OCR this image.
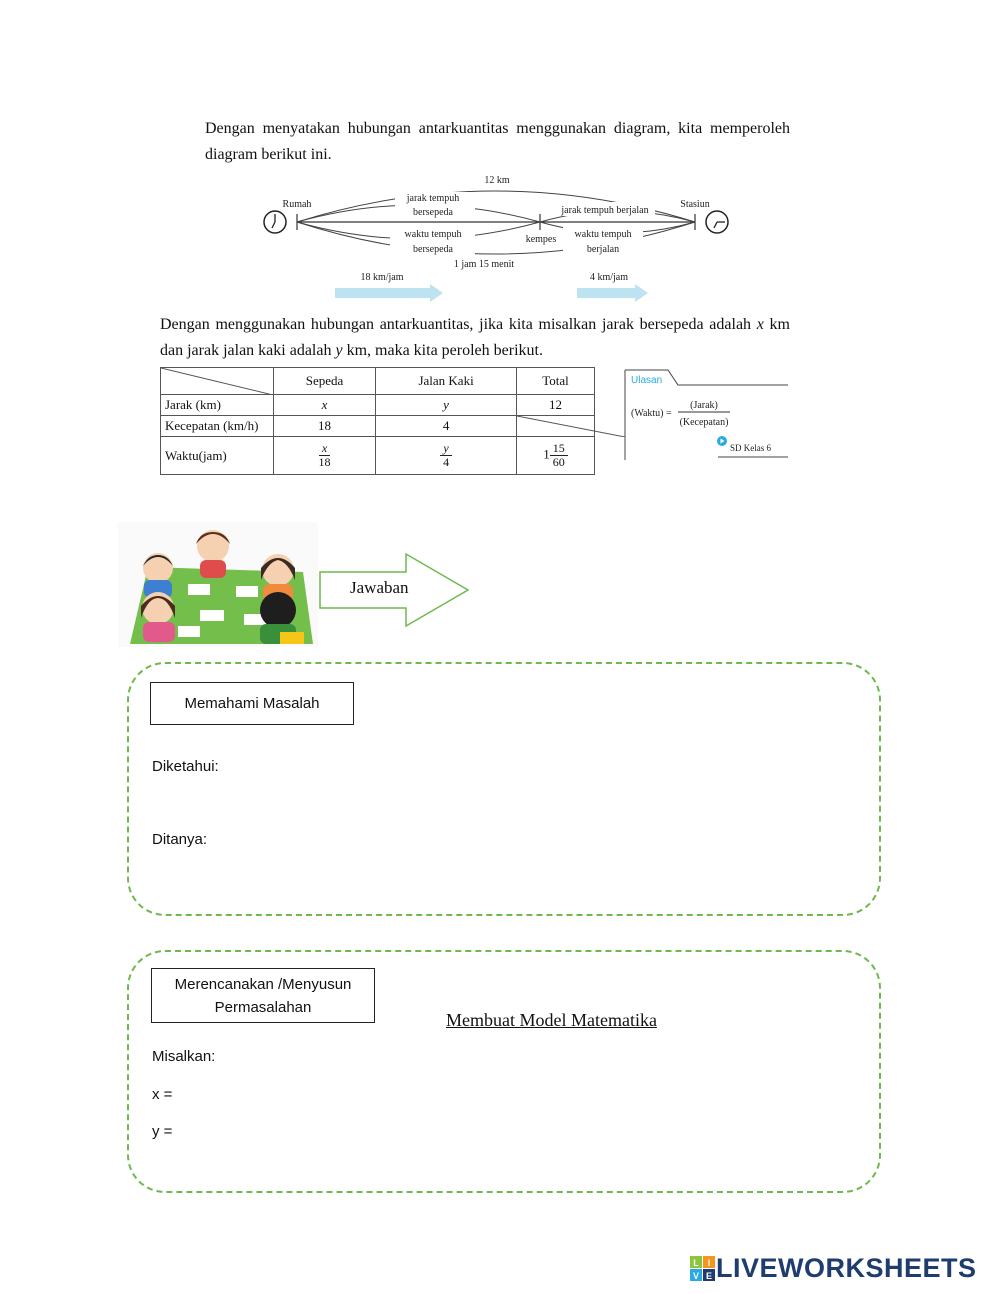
Dengan menyatakan hubungan antarkuantitas menggunakan diagram, kita memperoleh diagram berikut ini.
12 km
Rumah	Stasiun
jarak tempuh
bersepeda	jarak tempuh berjalan
waktu tempuh
bersepeda
waktu tempuh
berjalan
kempes
1 jam 15 menit
18 km/jam	4 km/jam
Dengan menggunakan hubungan antarkuantitas, jika kita misalkan jarak bersepeda adalah x km dan jarak jalan kaki adalah y km, maka kita peroleh berikut.
	Sepeda	Jalan Kaki	Total
Jarak (km)	x	y	12
Kecepatan (km/h)	18	4	

Waktu(jam)	$\frac{x}{18}$	$\frac{y}{4}$	$1 \frac{15}{60}$
Ulasan
(Waktu) =
(Jarak)
(Kecepatan)
SD Kelas 6
Jawaban
Memahami Masalah
Diketahui:
Ditanya:
Merencanakan /Menyusun
Permasalahan
Membuat Model Matematika
Misalkan:
x =
y =
L I
V E LIVEWORKSHEETS
